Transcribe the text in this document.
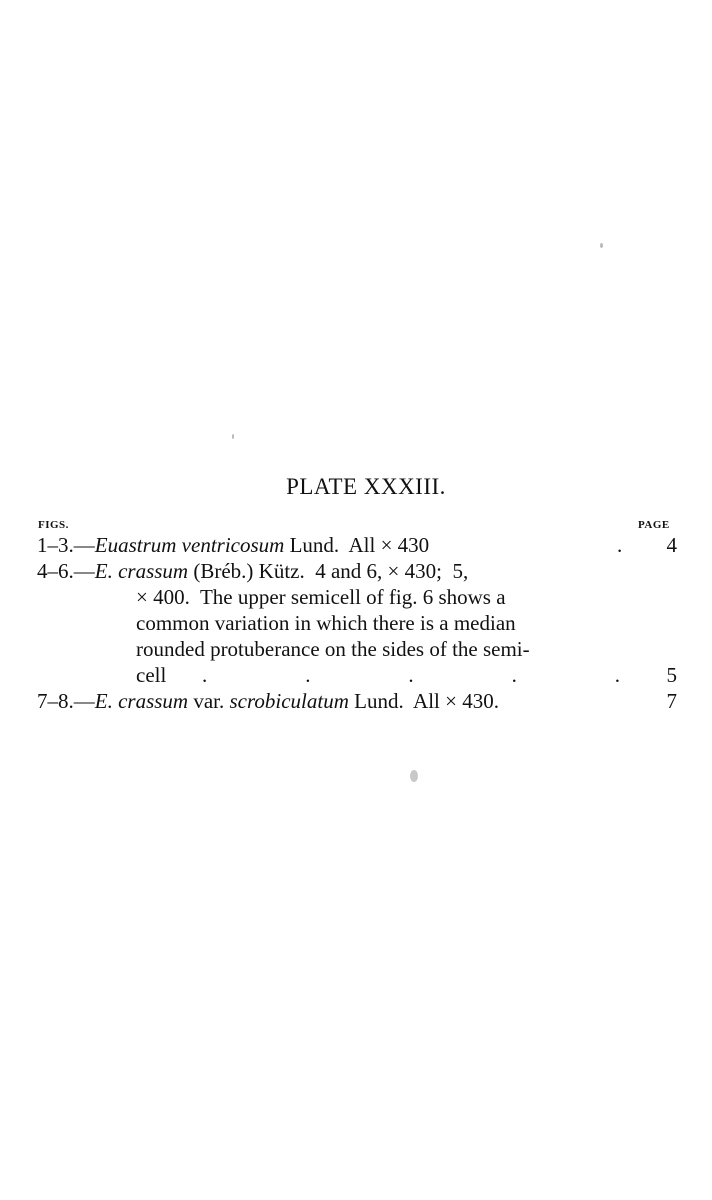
PLATE XXXIII.
FIGS.	PAGE
1–3.—Euastrum ventricosum Lund.  All × 430	.	4
4–6.—E. crassum (Bréb.) Kütz.  4 and 6, × 430;  5,
× 400.  The upper semicell of fig. 6 shows a
common variation in which there is a median
rounded protuberance on the sides of the semi-
cell .	.	.	.	.	5
7–8.—E. crassum var. scrobiculatum Lund.  All × 430.	7
